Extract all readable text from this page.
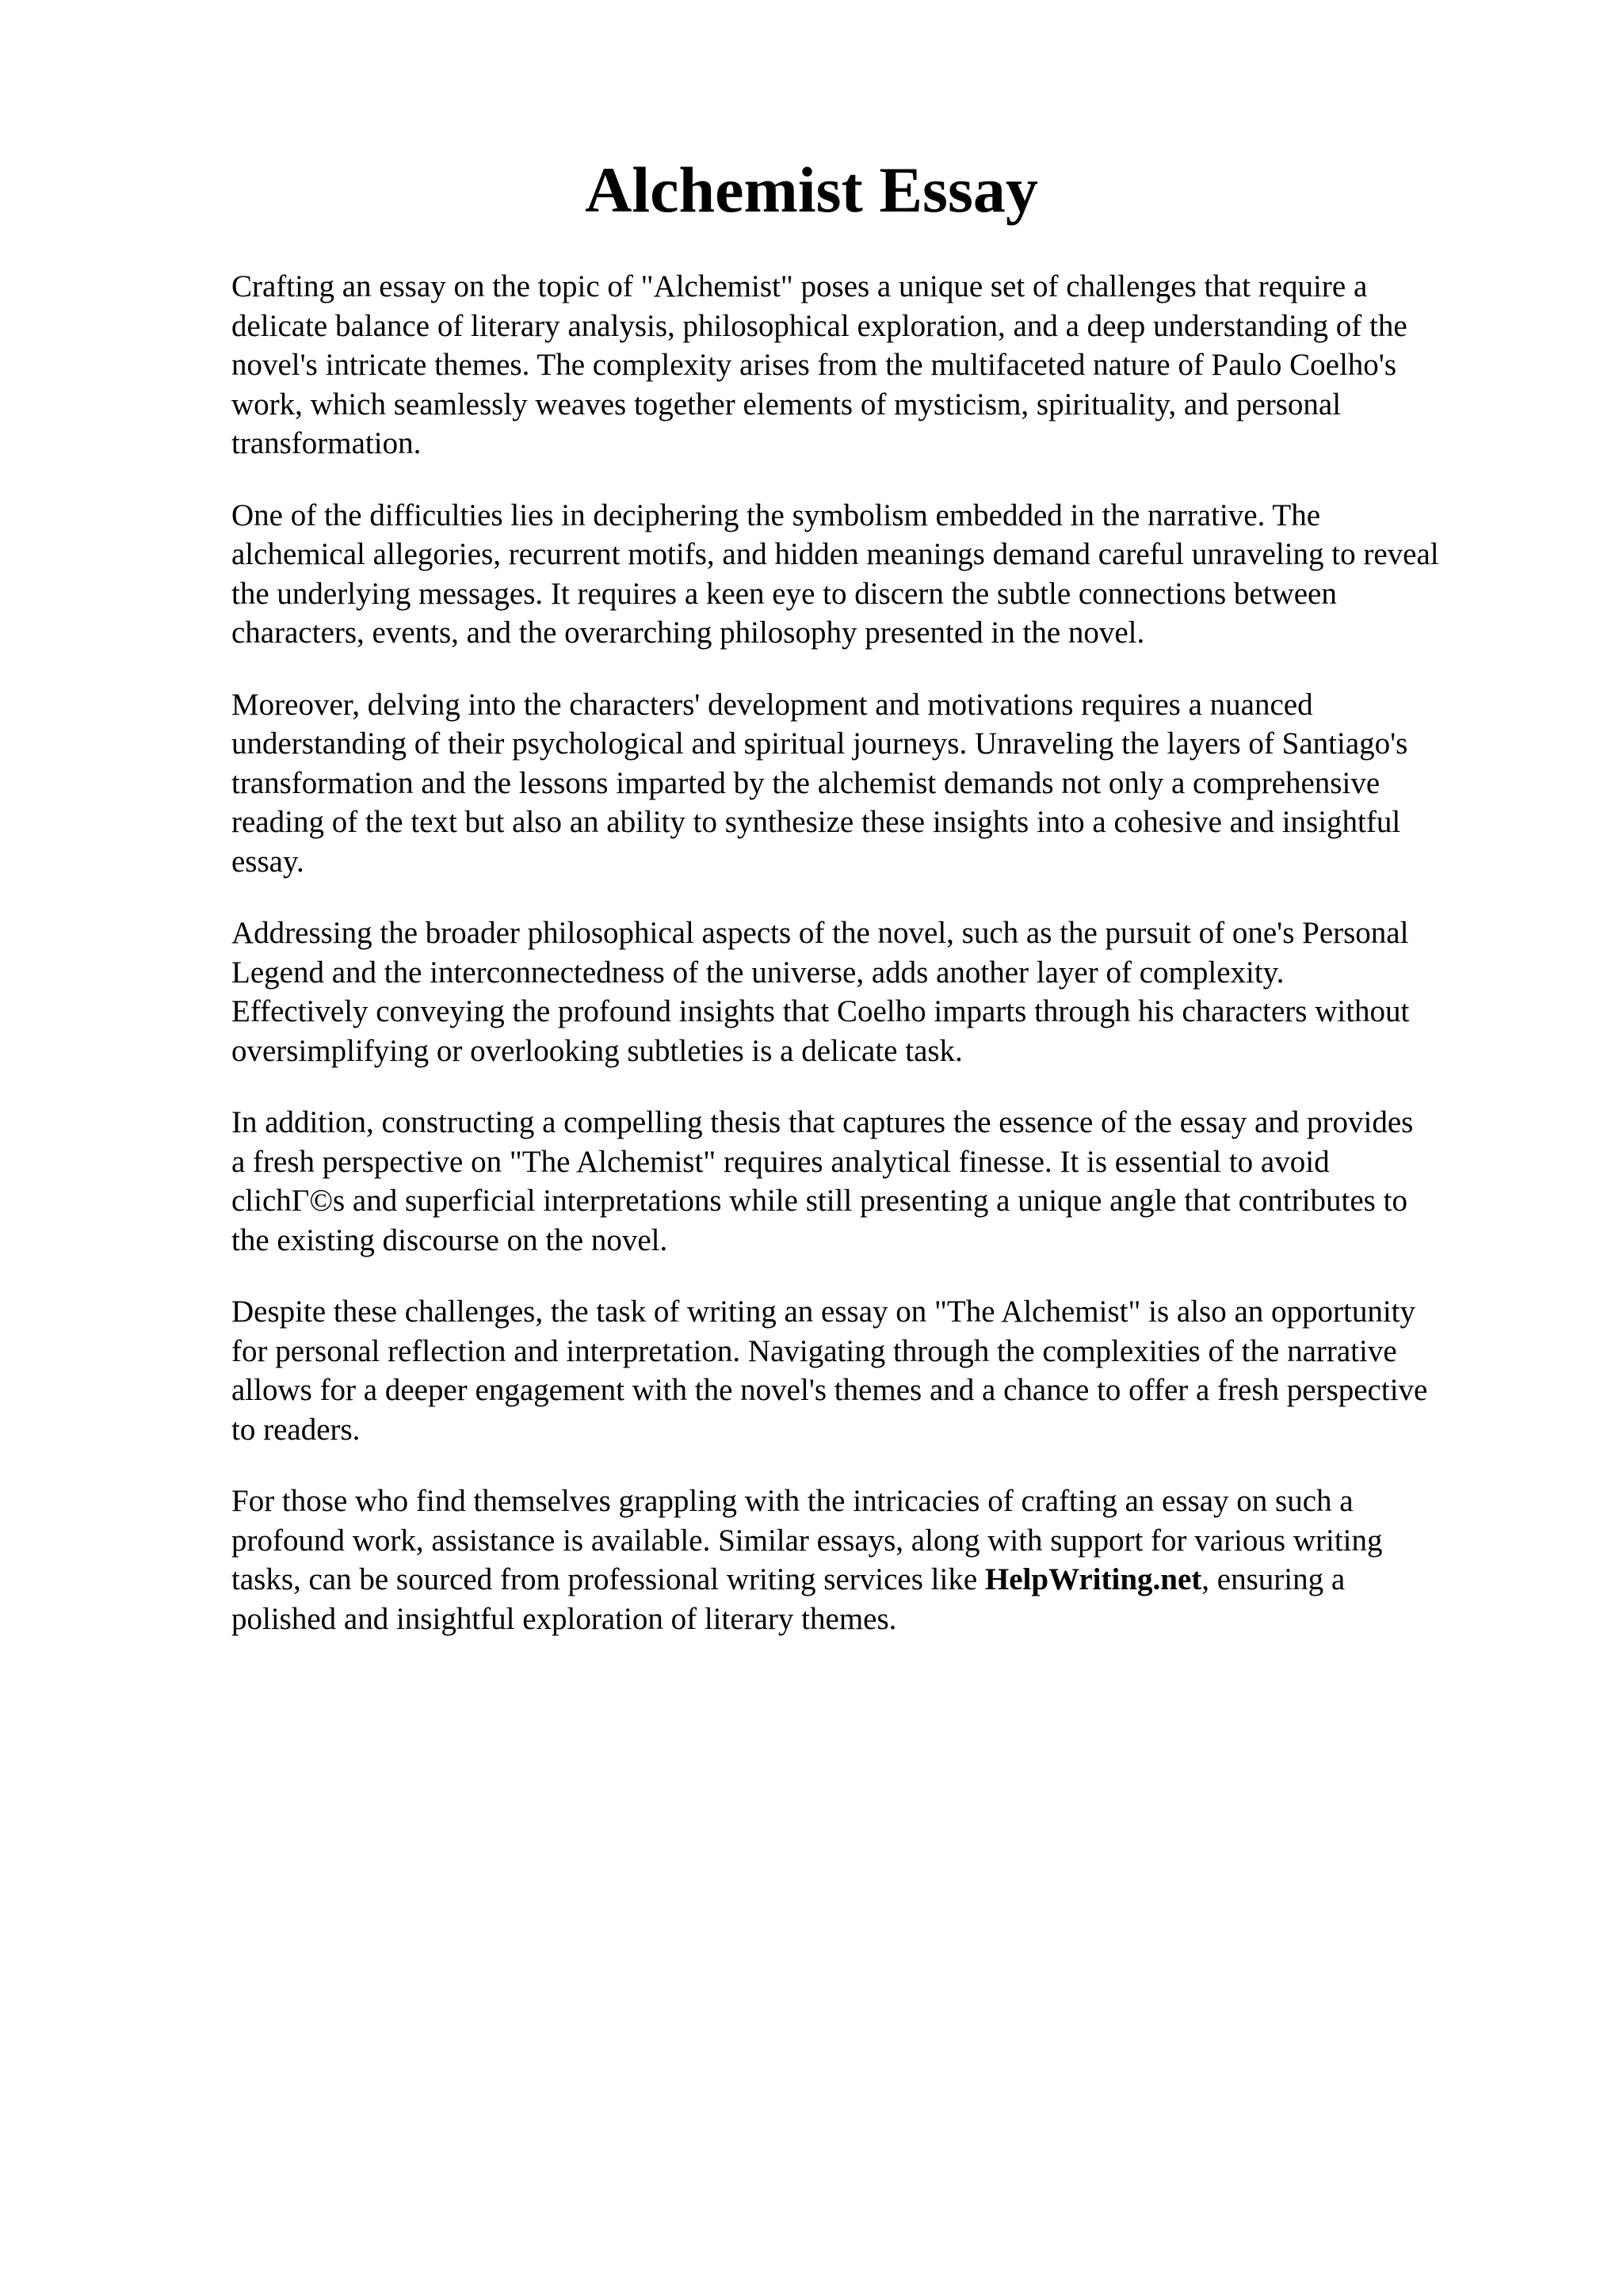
Alchemist Essay

Crafting an essay on the topic of "Alchemist" poses a unique set of challenges that require a
delicate balance of literary analysis, philosophical exploration, and a deep understanding of the
novel's intricate themes. The complexity arises from the multifaceted nature of Paulo Coelho's
work, which seamlessly weaves together elements of mysticism, spirituality, and personal
transformation.

One of the difficulties lies in deciphering the symbolism embedded in the narrative. The
alchemical allegories, recurrent motifs, and hidden meanings demand careful unraveling to reveal
the underlying messages. It requires a keen eye to discern the subtle connections between
characters, events, and the overarching philosophy presented in the novel.

Moreover, delving into the characters' development and motivations requires a nuanced
understanding of their psychological and spiritual journeys. Unraveling the layers of Santiago's
transformation and the lessons imparted by the alchemist demands not only a comprehensive
reading of the text but also an ability to synthesize these insights into a cohesive and insightful
essay.

Addressing the broader philosophical aspects of the novel, such as the pursuit of one's Personal
Legend and the interconnectedness of the universe, adds another layer of complexity.
Effectively conveying the profound insights that Coelho imparts through his characters without
oversimplifying or overlooking subtleties is a delicate task.

In addition, constructing a compelling thesis that captures the essence of the essay and provides
a fresh perspective on "The Alchemist" requires analytical finesse. It is essential to avoid
clichΓ©s and superficial interpretations while still presenting a unique angle that contributes to
the existing discourse on the novel.

Despite these challenges, the task of writing an essay on "The Alchemist" is also an opportunity
for personal reflection and interpretation. Navigating through the complexities of the narrative
allows for a deeper engagement with the novel's themes and a chance to offer a fresh perspective
to readers.

For those who find themselves grappling with the intricacies of crafting an essay on such a
profound work, assistance is available. Similar essays, along with support for various writing
tasks, can be sourced from professional writing services like HelpWriting.net, ensuring a
polished and insightful exploration of literary themes.
